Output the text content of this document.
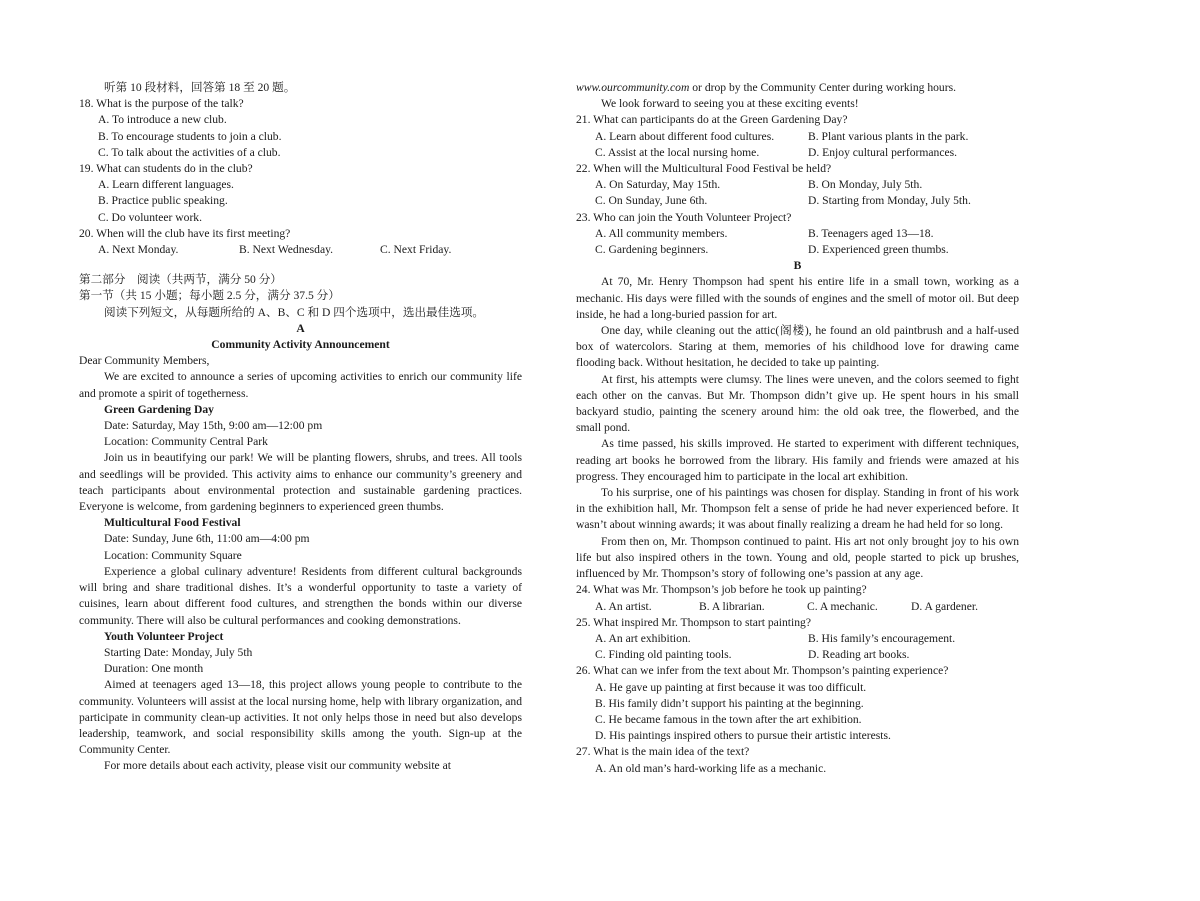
听第 10 段材料，回答第 18 至 20 题。

18. What is the purpose of the talk?

A. To introduce a new club.

B. To encourage students to join a club.

C. To talk about the activities of a club.

19. What can students do in the club?

A. Learn different languages.

B. Practice public speaking.

C. Do volunteer work.

20. When will the club have its first meeting?

A. Next Monday.	B. Next Wednesday.	C. Next Friday.

第二部分　阅读（共两节，满分 50 分）

第一节（共 15 小题；每小题 2.5 分，满分 37.5 分）

阅读下列短文，从每题所给的 A、B、C 和 D 四个选项中，选出最佳选项。

A

Community Activity Announcement

Dear Community Members,

We are excited to announce a series of upcoming activities to enrich our community life and promote a spirit of togetherness.

Green Gardening Day

Date: Saturday, May 15th, 9:00 am—12:00 pm

Location: Community Central Park

Join us in beautifying our park! We will be planting flowers, shrubs, and trees. All tools and seedlings will be provided. This activity aims to enhance our community’s greenery and teach participants about environmental protection and sustainable gardening practices. Everyone is welcome, from gardening beginners to experienced green thumbs.

Multicultural Food Festival

Date: Sunday, June 6th, 11:00 am—4:00 pm

Location: Community Square

Experience a global culinary adventure! Residents from different cultural backgrounds will bring and share traditional dishes. It’s a wonderful opportunity to taste a variety of cuisines, learn about different food cultures, and strengthen the bonds within our diverse community. There will also be cultural performances and cooking demonstrations.

Youth Volunteer Project

Starting Date: Monday, July 5th

Duration: One month

Aimed at teenagers aged 13—18, this project allows young people to contribute to the community. Volunteers will assist at the local nursing home, help with library organization, and participate in community clean-up activities. It not only helps those in need but also develops leadership, teamwork, and social responsibility skills among the youth. Sign-up at the Community Center.

For more details about each activity, please visit our community website at

www.ourcommunity.com or drop by the Community Center during working hours.

We look forward to seeing you at these exciting events!

21. What can participants do at the Green Gardening Day?

A. Learn about different food cultures.	B. Plant various plants in the park.
C. Assist at the local nursing home.	D. Enjoy cultural performances.

22. When will the Multicultural Food Festival be held?

A. On Saturday, May 15th.	B. On Monday, July 5th.
C. On Sunday, June 6th.	D. Starting from Monday, July 5th.

23. Who can join the Youth Volunteer Project?

A. All community members.	B. Teenagers aged 13—18.
C. Gardening beginners.	D. Experienced green thumbs.

B

At 70, Mr. Henry Thompson had spent his entire life in a small town, working as a mechanic. His days were filled with the sounds of engines and the smell of motor oil. But deep inside, he had a long-buried passion for art.

One day, while cleaning out the attic(阁楼), he found an old paintbrush and a half-used box of watercolors. Staring at them, memories of his childhood love for drawing came flooding back. Without hesitation, he decided to take up painting.

At first, his attempts were clumsy. The lines were uneven, and the colors seemed to fight each other on the canvas. But Mr. Thompson didn’t give up. He spent hours in his small backyard studio, painting the scenery around him: the old oak tree, the flowerbed, and the small pond.

As time passed, his skills improved. He started to experiment with different techniques, reading art books he borrowed from the library. His family and friends were amazed at his progress. They encouraged him to participate in the local art exhibition.

To his surprise, one of his paintings was chosen for display. Standing in front of his work in the exhibition hall, Mr. Thompson felt a sense of pride he had never experienced before. It wasn’t about winning awards; it was about finally realizing a dream he had held for so long.

From then on, Mr. Thompson continued to paint. His art not only brought joy to his own life but also inspired others in the town. Young and old, people started to pick up brushes, influenced by Mr. Thompson’s story of following one’s passion at any age.

24. What was Mr. Thompson’s job before he took up painting?

A. An artist.	B. A librarian.	C. A mechanic.	D. A gardener.

25. What inspired Mr. Thompson to start painting?

A. An art exhibition.	B. His family’s encouragement.
C. Finding old painting tools.	D. Reading art books.

26. What can we infer from the text about Mr. Thompson’s painting experience?

A. He gave up painting at first because it was too difficult.

B. His family didn’t support his painting at the beginning.

C. He became famous in the town after the art exhibition.

D. His paintings inspired others to pursue their artistic interests.

27. What is the main idea of the text?

A. An old man’s hard-working life as a mechanic.
